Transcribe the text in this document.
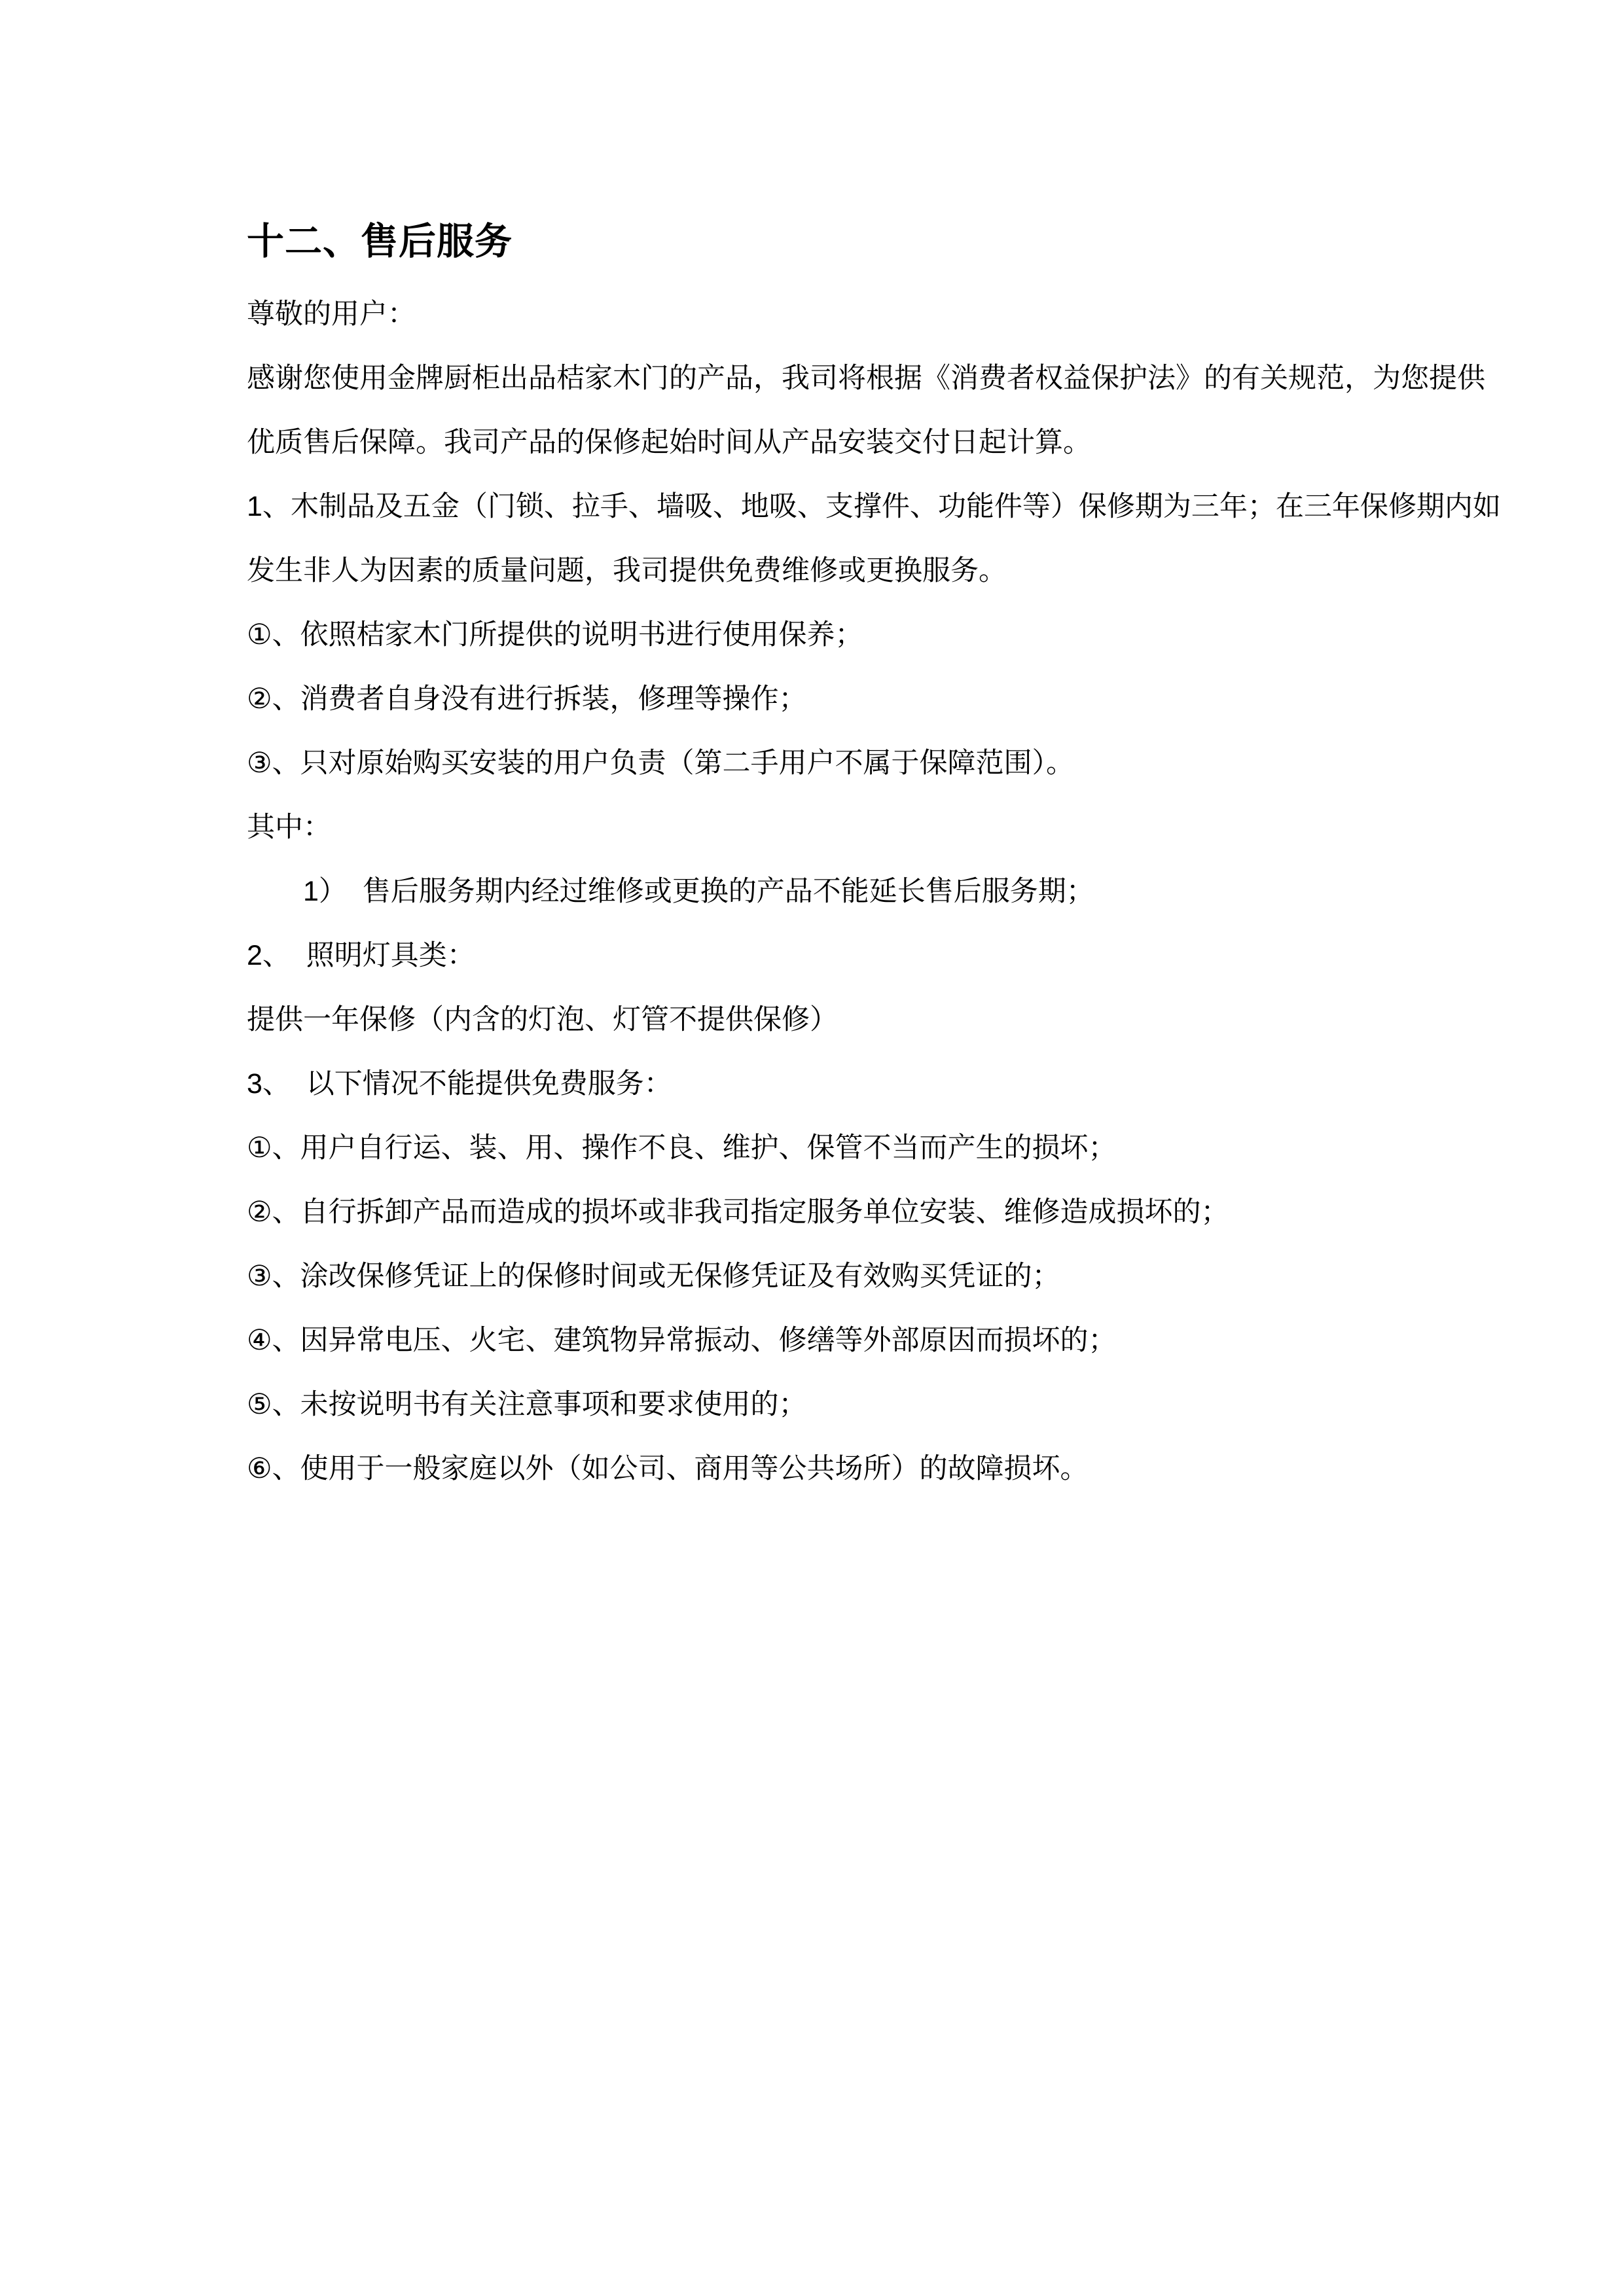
十二、售后服务
尊敬的用户：
感谢您使用金牌厨柜出品桔家木门的产品，我司将根据《消费者权益保护法》的有关规范，为您提供
优质售后保障。我司产品的保修起始时间从产品安装交付日起计算。
1、木制品及五金（门锁、拉手、墙吸、地吸、支撑件、功能件等）保修期为三年；在三年保修期内如
发生非人为因素的质量问题，我司提供免费维修或更换服务。
①、依照桔家木门所提供的说明书进行使用保养；
②、消费者自身没有进行拆装，修理等操作；
③、只对原始购买安装的用户负责（第二手用户不属于保障范围）。
其中：
1）  售后服务期内经过维修或更换的产品不能延长售后服务期；
2、  照明灯具类：
提供一年保修（内含的灯泡、灯管不提供保修）
3、  以下情况不能提供免费服务：
①、用户自行运、装、用、操作不良、维护、保管不当而产生的损坏；
②、自行拆卸产品而造成的损坏或非我司指定服务单位安装、维修造成损坏的；
③、涂改保修凭证上的保修时间或无保修凭证及有效购买凭证的；
④、因异常电压、火宅、建筑物异常振动、修缮等外部原因而损坏的；
⑤、未按说明书有关注意事项和要求使用的；
⑥、使用于一般家庭以外（如公司、商用等公共场所）的故障损坏。
